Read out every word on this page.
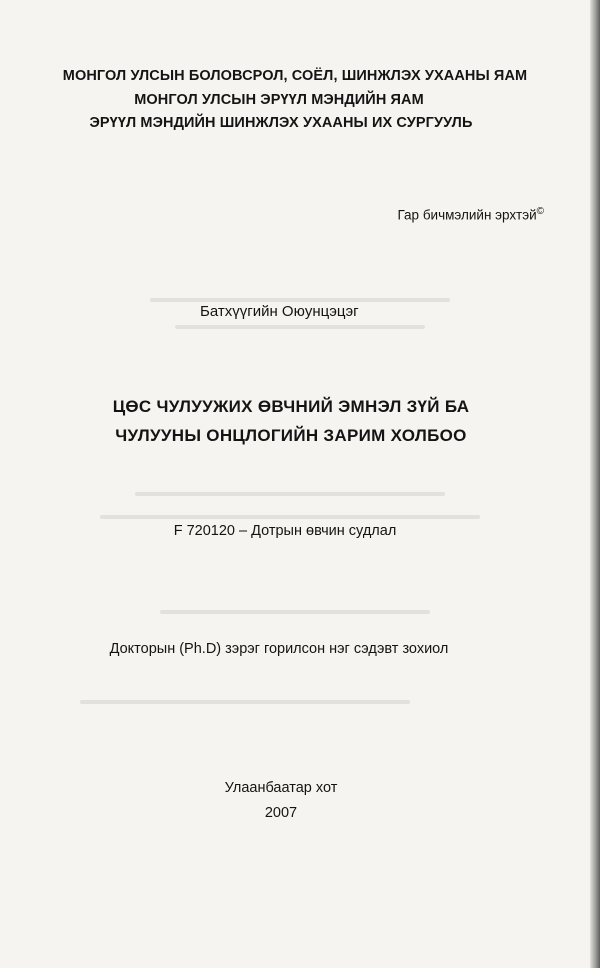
МОНГОЛ УЛСЫН БОЛОВСРОЛ, СОЁЛ, ШИНЖЛЭХ УХААНЫ ЯАМ
МОНГОЛ УЛСЫН ЭРҮҮЛ МЭНДИЙН ЯАМ
ЭРҮҮЛ МЭНДИЙН ШИНЖЛЭХ УХААНЫ ИХ СУРГУУЛЬ
Гар бичмэлийн эрхтэй©
Батхүүгийн Оюунцэцэг
ЦӨС ЧУЛУУЖИХ ӨВЧНИЙ ЭМНЭЛ ЗҮЙ БА
ЧУЛУУНЫ ОНЦЛОГИЙН ЗАРИМ ХОЛБОО
F 720120 – Дотрын өвчин судлал
Докторын (Ph.D) зэрэг горилсон нэг сэдэвт зохиол
Улаанбаатар хот
2007
